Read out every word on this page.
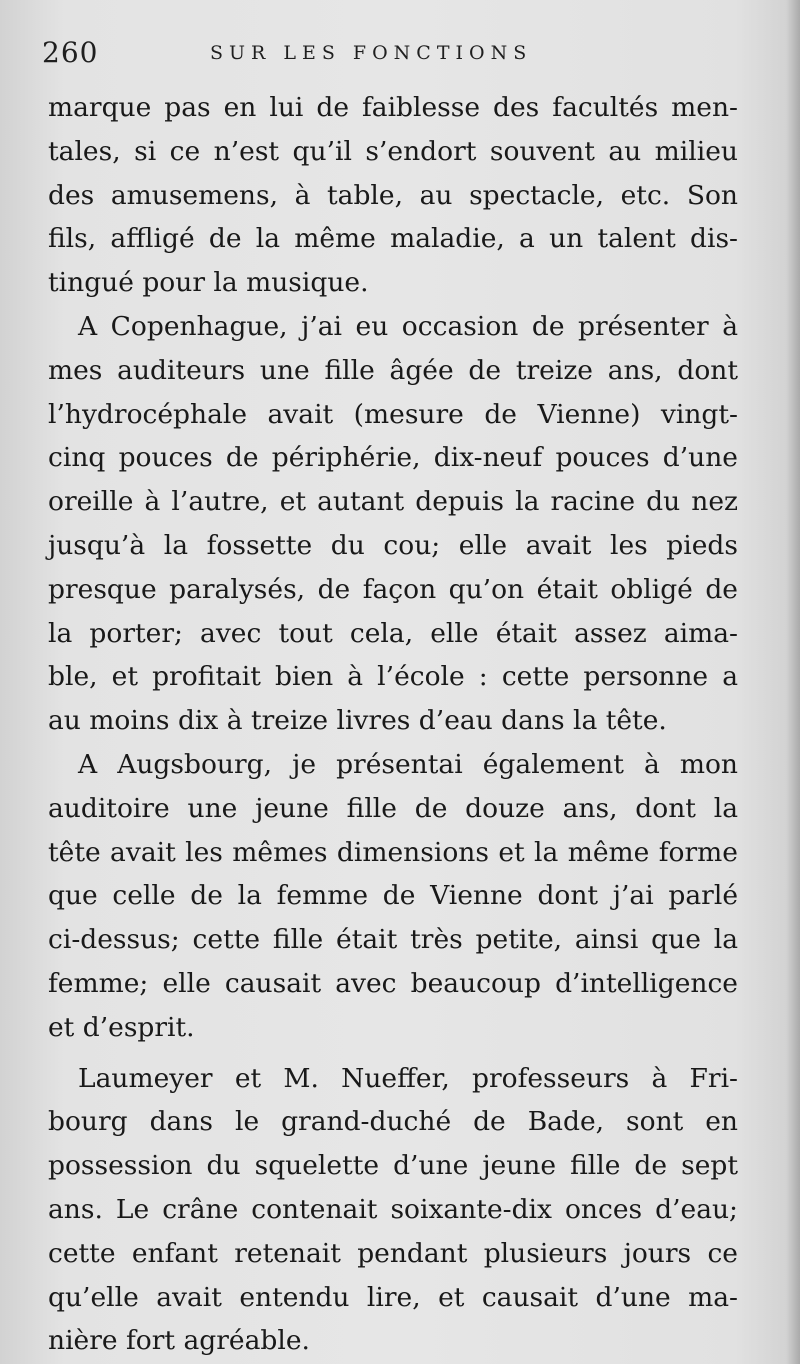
260	SUR LES FONCTIONS
marque pas en lui de faiblesse des facultés men-
tales, si ce n’est qu’il s’endort souvent au milieu
des amusemens, à table, au spectacle, etc. Son
fils, affligé de la même maladie, a un talent dis-
tingué pour la musique.
A Copenhague, j’ai eu occasion de présenter à
mes auditeurs une fille âgée de treize ans, dont
l’hydrocéphale avait (mesure de Vienne) vingt-
cinq pouces de périphérie, dix-neuf pouces d’une
oreille à l’autre, et autant depuis la racine du nez
jusqu’à la fossette du cou; elle avait les pieds
presque paralysés, de façon qu’on était obligé de
la porter; avec tout cela, elle était assez aima-
ble, et profitait bien à l’école : cette personne a
au moins dix à treize livres d’eau dans la tête.
A Augsbourg, je présentai également à mon
auditoire une jeune fille de douze ans, dont la
tête avait les mêmes dimensions et la même forme
que celle de la femme de Vienne dont j’ai parlé
ci-dessus; cette fille était très petite, ainsi que la
femme; elle causait avec beaucoup d’intelligence
et d’esprit.
Laumeyer et M. Nueffer, professeurs à Fri-
bourg dans le grand-duché de Bade, sont en
possession du squelette d’une jeune fille de sept
ans. Le crâne contenait soixante-dix onces d’eau;
cette enfant retenait pendant plusieurs jours ce
qu’elle avait entendu lire, et causait d’une ma-
nière fort agréable.
